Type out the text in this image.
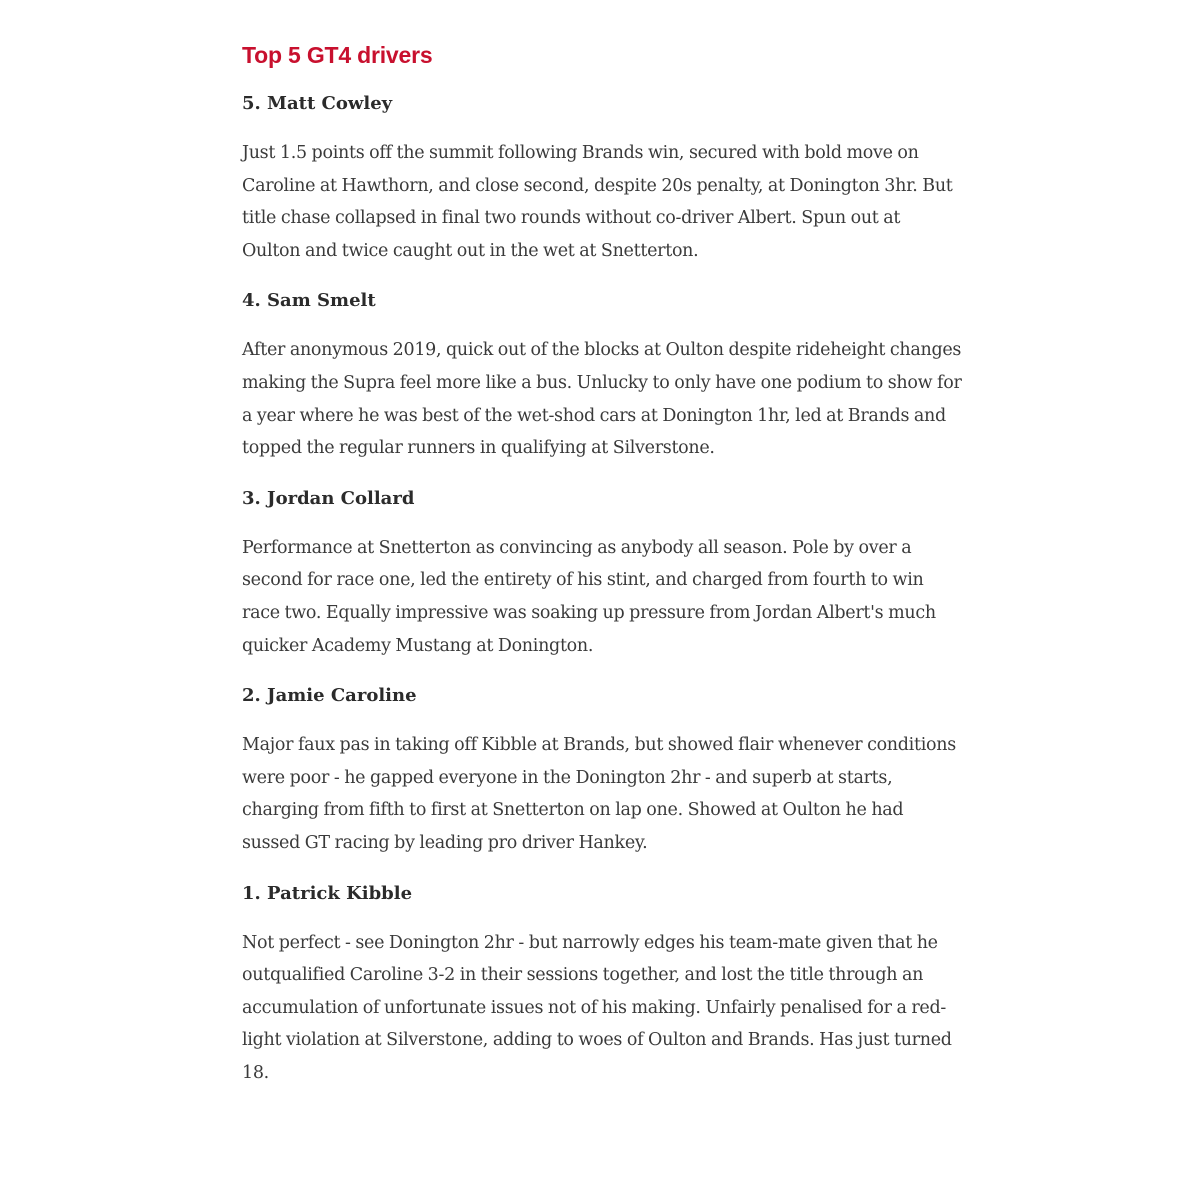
Top 5 GT4 drivers
5. Matt Cowley

Just 1.5 points off the summit following Brands win, secured with bold move on Caroline at Hawthorn, and close second, despite 20s penalty, at Donington 3hr. But title chase collapsed in final two rounds without co-driver Albert. Spun out at Oulton and twice caught out in the wet at Snetterton.

4. Sam Smelt

After anonymous 2019, quick out of the blocks at Oulton despite rideheight changes making the Supra feel more like a bus. Unlucky to only have one podium to show for a year where he was best of the wet-shod cars at Donington 1hr, led at Brands and topped the regular runners in qualifying at Silverstone.

3. Jordan Collard

Performance at Snetterton as convincing as anybody all season. Pole by over a second for race one, led the entirety of his stint, and charged from fourth to win race two. Equally impressive was soaking up pressure from Jordan Albert's much quicker Academy Mustang at Donington.

2. Jamie Caroline

Major faux pas in taking off Kibble at Brands, but showed flair whenever conditions were poor - he gapped everyone in the Donington 2hr - and superb at starts, charging from fifth to first at Snetterton on lap one. Showed at Oulton he had sussed GT racing by leading pro driver Hankey.

1. Patrick Kibble

Not perfect - see Donington 2hr - but narrowly edges his team-mate given that he outqualified Caroline 3-2 in their sessions together, and lost the title through an accumulation of unfortunate issues not of his making. Unfairly penalised for a red-light violation at Silverstone, adding to woes of Oulton and Brands. Has just turned 18.
